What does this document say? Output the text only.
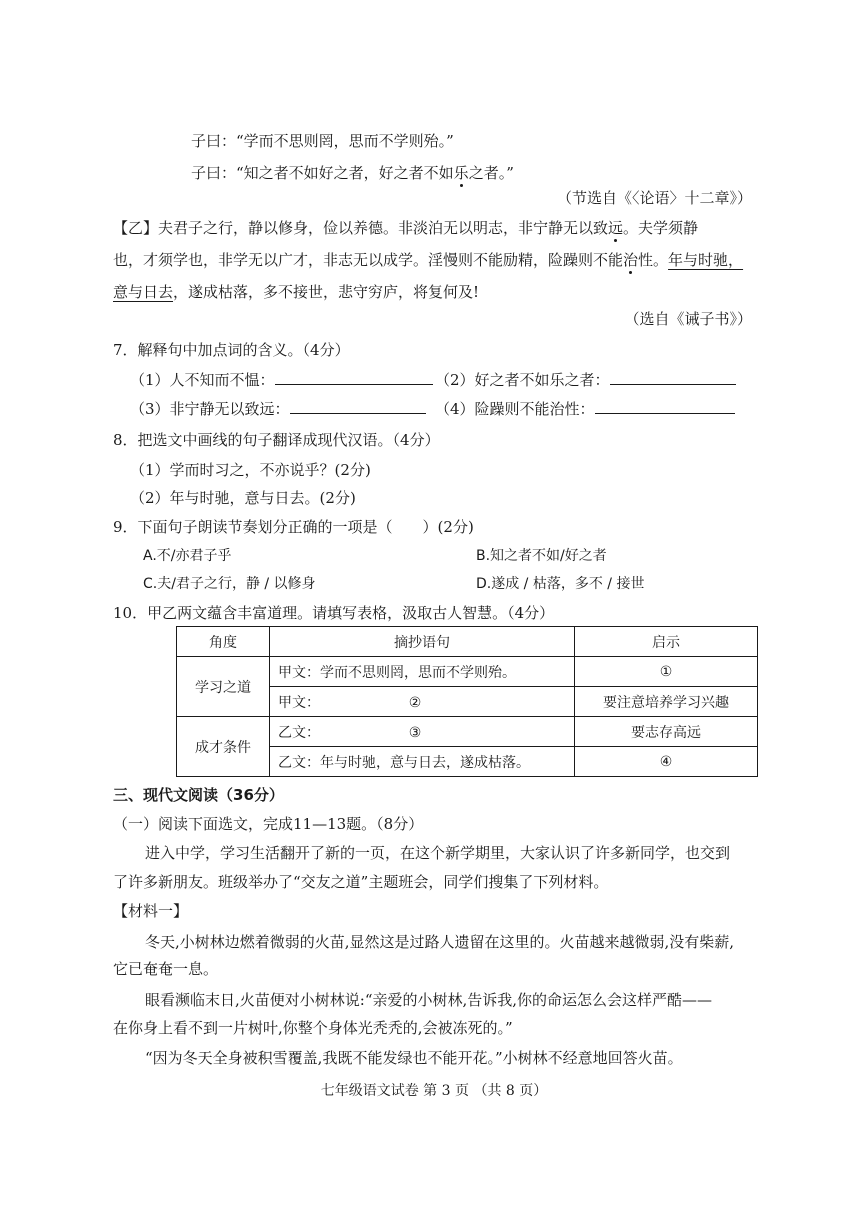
子曰：“学而不思则罔，思而不学则殆。”
子曰：“知之者不如好之者，好之者不如乐之者。”
（节选自《〈论语〉十二章》）
【乙】夫君子之行，静以修身，俭以养德。非淡泊无以明志，非宁静无以致远。夫学须静
也，才须学也，非学无以广才，非志无以成学。淫慢则不能励精，险躁则不能治性。年与时驰，
意与日去，遂成枯落，多不接世，悲守穷庐，将复何及!
（选自《诫子书》）
7．解释句中加点词的含义。（4分）
（1）人不知而不愠：	（2）好之者不如乐之者：
（3）非宁静无以致远：	（4）险躁则不能治性：
8．把选文中画线的句子翻译成现代汉语。（4分）
（1）学而时习之，不亦说乎？(2分)
（2）年与时驰，意与日去。(2分)
9．下面句子朗读节奏划分正确的一项是（　　）(2分)
A.不/亦君子乎	B.知之者不如/好之者
C.夫/君子之行，静 / 以修身	D.遂成 / 枯落，多不 / 接世
10．甲乙两文蕴含丰富道理。请填写表格，汲取古人智慧。（4分）
角度	摘抄语句	启示
学习之道	甲文：学而不思则罔，思而不学则殆。	①
	甲文： ②	要注意培养学习兴趣
成才条件	乙文： ③	要志存高远
	乙文：年与时驰，意与日去，遂成枯落。	④
三、现代文阅读（36分）
（一）阅读下面选文，完成11—13题。（8分）
进入中学，学习生活翻开了新的一页，在这个新学期里，大家认识了许多新同学，也交到
了许多新朋友。班级举办了“交友之道”主题班会，同学们搜集了下列材料。
【材料一】
冬天,小树林边燃着微弱的火苗,显然这是过路人遗留在这里的。火苗越来越微弱,没有柴薪,
它已奄奄一息。
眼看濒临末日,火苗便对小树林说:“亲爱的小树林,告诉我,你的命运怎么会这样严酷——
在你身上看不到一片树叶,你整个身体光秃秃的,会被冻死的。”
“因为冬天全身被积雪覆盖,我既不能发绿也不能开花。”小树林不经意地回答火苗。
七年级语文试卷 第 3 页 （共 8 页）
